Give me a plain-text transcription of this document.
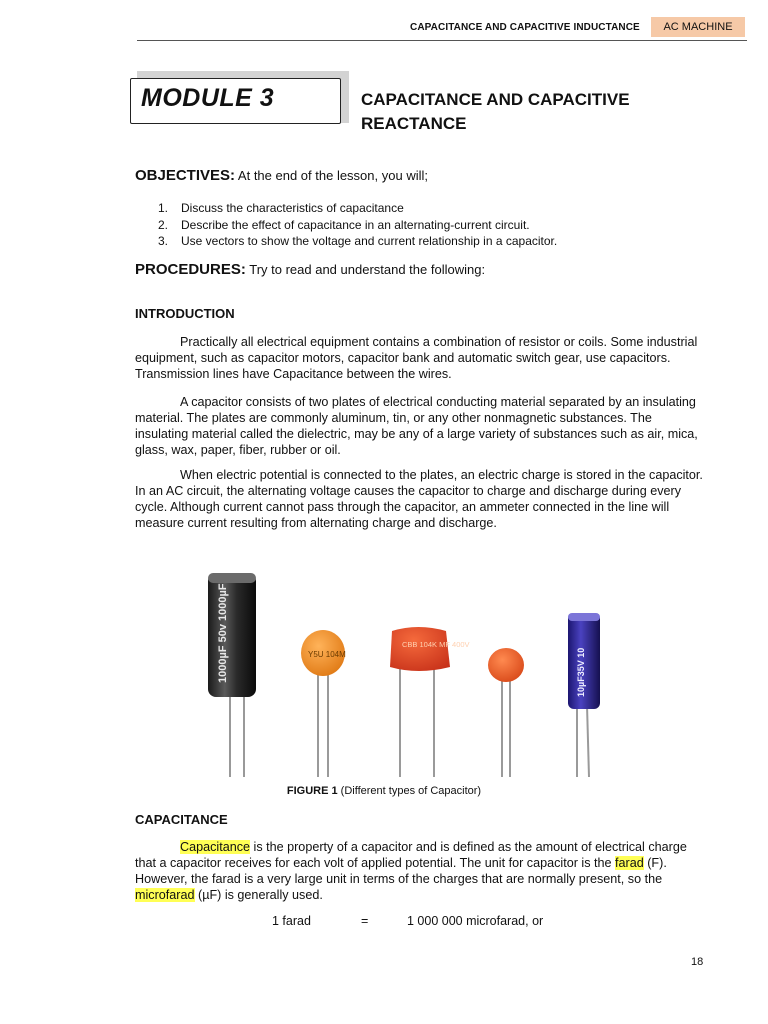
CAPACITANCE AND CAPACITIVE INDUCTANCE	AC MACHINE
MODULE 3	CAPACITANCE AND CAPACITIVE REACTANCE
OBJECTIVES: At the end of the lesson, you will;
1. Discuss the characteristics of capacitance
2. Describe the effect of capacitance in an alternating-current circuit.
3. Use vectors to show the voltage and current relationship in a capacitor.
PROCEDURES: Try to read and understand the following:
INTRODUCTION
Practically all electrical equipment contains a combination of resistor or coils. Some industrial equipment, such as capacitor motors, capacitor bank and automatic switch gear, use capacitors. Transmission lines have Capacitance between the wires.
A capacitor consists of two plates of electrical conducting material separated by an insulating material. The plates are commonly aluminum, tin, or any other nonmagnetic substances. The insulating material called the dielectric, may be any of a large variety of substances such as air, mica, glass, wax, paper, fiber, rubber or oil.
When electric potential is connected to the plates, an electric charge is stored in the capacitor. In an AC circuit, the alternating voltage causes the capacitor to charge and discharge during every cycle. Although current cannot pass through the capacitor, an ammeter connected in the line will measure current resulting from alternating charge and discharge.
1000µF 50v 1000µF	Y5U 104M
CBB 104K MF 400V
10µF35V 10
FIGURE 1 (Different types of Capacitor)
CAPACITANCE
Capacitance is the property of a capacitor and is defined as the amount of electrical charge that a capacitor receives for each volt of applied potential. The unit for capacitor is the farad (F). However, the farad is a very large unit in terms of the charges that are normally present, so the microfarad (µF) is generally used.
1 farad	=	1 000 000 microfarad, or
18
